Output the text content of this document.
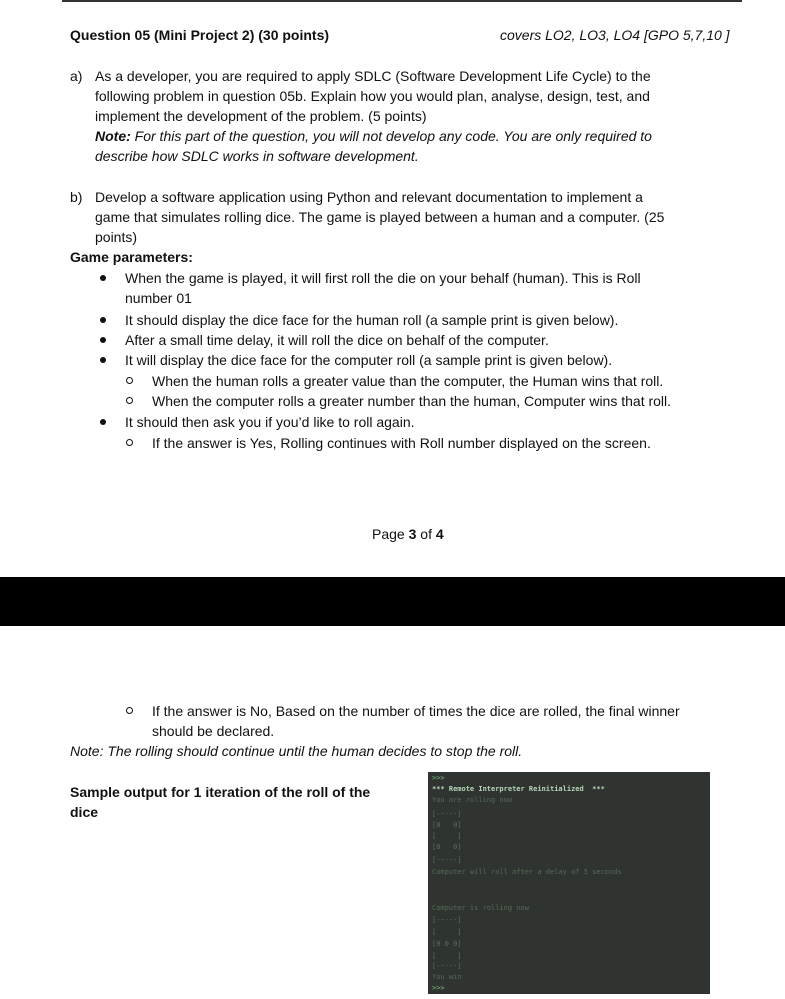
Question 05 (Mini Project 2) (30 points)	covers LO2, LO3, LO4 [GPO 5,7,10 ]
a) As a developer, you are required to apply SDLC (Software Development Life Cycle) to the
following problem in question 05b. Explain how you would plan, analyse, design, test, and
implement the development of the problem. (5 points)
Note: For this part of the question, you will not develop any code. You are only required to
describe how SDLC works in software development.
b) Develop a software application using Python and relevant documentation to implement a
game that simulates rolling dice. The game is played between a human and a computer. (25
points)
Game parameters:
When the game is played, it will first roll the die on your behalf (human). This is Roll
number 01
It should display the dice face for the human roll (a sample print is given below).
After a small time delay, it will roll the dice on behalf of the computer.
It will display the dice face for the computer roll (a sample print is given below).
When the human rolls a greater value than the computer, the Human wins that roll.
When the computer rolls a greater number than the human, Computer wins that roll.
It should then ask you if you’d like to roll again.
If the answer is Yes, Rolling continues with Roll number displayed on the screen.
Page 3 of 4
If the answer is No, Based on the number of times the dice are rolled, the final winner
should be declared.
Note: The rolling should continue until the human decides to stop the roll.
Sample output for 1 iteration of the roll of the
dice
>>>
*** Remote Interpreter Reinitialized  ***
You are rolling now
[-----]
[0   0]
[     ]
[0   0]
[-----]
Computer will roll after a delay of 5 seconds
Computer is rolling now
[-----]
[     ]
[0 0 0]
[     ]
[-----]
You win
>>>
